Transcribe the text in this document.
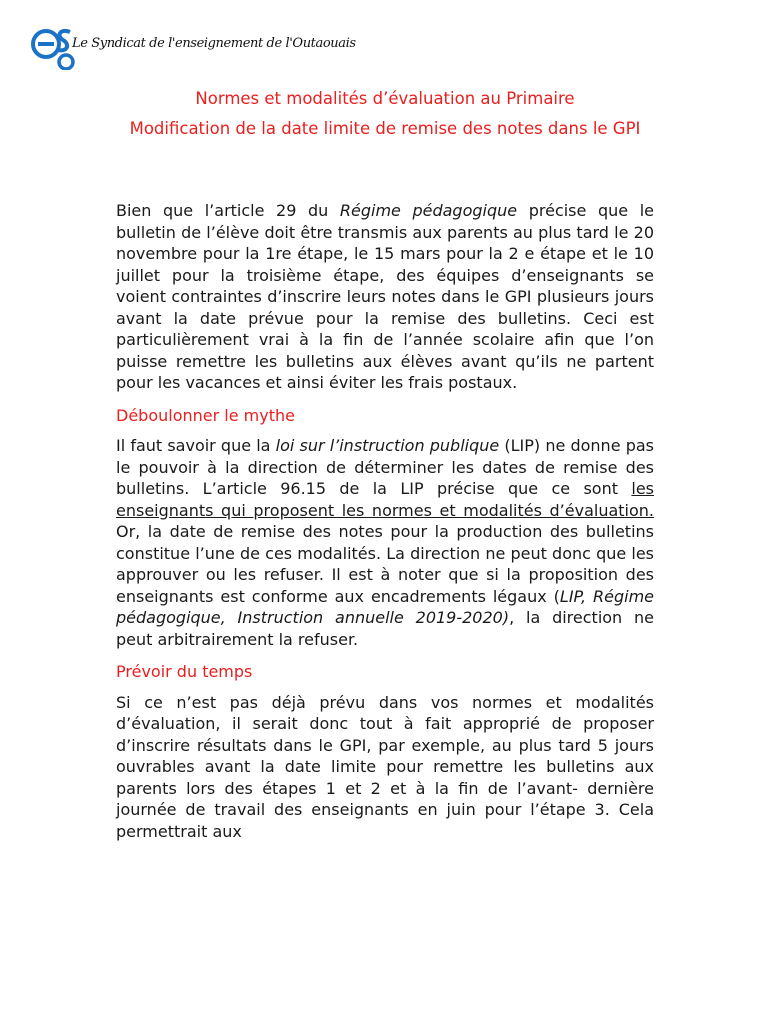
Le Syndicat de l'enseignement de l'Outaouais
Normes et modalités d’évaluation au Primaire
Modification de la date limite de remise des notes dans le GPI

Bien que l’article 29 du Régime pédagogique précise que le bulletin de l’élève doit être transmis aux parents au plus tard le 20 novembre pour la 1re étape, le 15 mars pour la 2 e étape et le 10 juillet pour la troisième étape, des équipes d’enseignants se voient contraintes d’inscrire leurs notes dans le GPI plusieurs jours avant la date prévue pour la remise des bulletins. Ceci est particulièrement vrai à la fin de l’année scolaire afin que l’on puisse remettre les bulletins aux élèves avant qu’ils ne partent pour les vacances et ainsi éviter les frais postaux.

Déboulonner le mythe

Il faut savoir que la loi sur l’instruction publique (LIP) ne donne pas le pouvoir à la direction de déterminer les dates de remise des bulletins. L’article 96.15 de la LIP précise que ce sont les enseignants qui proposent les normes et modalités d’évaluation. Or, la date de remise des notes pour la production des bulletins constitue l’une de ces modalités. La direction ne peut donc que les approuver ou les refuser. Il est à noter que si la proposition des enseignants est conforme aux encadrements légaux (LIP, Régime pédagogique, Instruction annuelle 2019-2020), la direction ne peut arbitrairement la refuser.

Prévoir du temps

Si ce n’est pas déjà prévu dans vos normes et modalités d’évaluation, il serait donc tout à fait approprié de proposer d’inscrire résultats dans le GPI, par exemple, au plus tard 5 jours ouvrables avant la date limite pour remettre les bulletins aux parents lors des étapes 1 et 2 et à la fin de l’avant- dernière journée de travail des enseignants en juin pour l’étape 3. Cela permettrait aux
